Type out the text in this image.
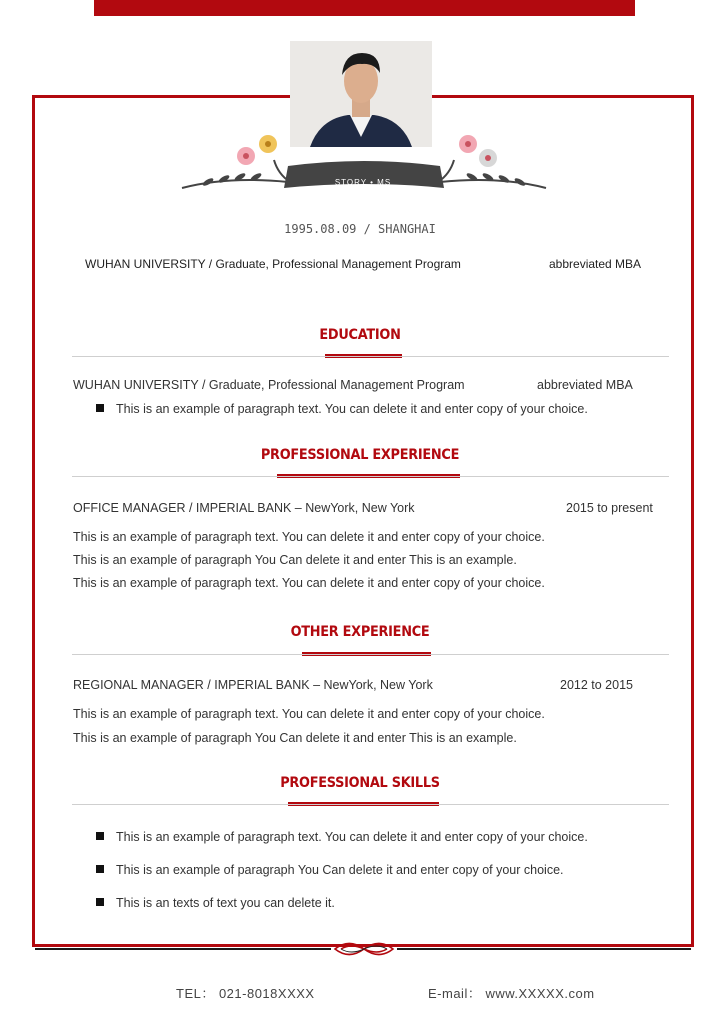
STORY • MS
1995.08.09 / SHANGHAI
WUHAN UNIVERSITY / Graduate, Professional Management Program	abbreviated MBA
EDUCATION
WUHAN UNIVERSITY / Graduate, Professional Management Program	abbreviated MBA
This is an example of paragraph text. You can delete it and enter copy of your choice.
PROFESSIONAL EXPERIENCE
OFFICE MANAGER / IMPERIAL BANK – NewYork, New York	2015 to present
This is an example of paragraph text. You can delete it and enter copy of your choice.
This is an example of paragraph You Can delete it and enter This is an example.
This is an example of paragraph text. You can delete it and enter copy of your choice.
OTHER EXPERIENCE
REGIONAL MANAGER / IMPERIAL BANK – NewYork, New York	2012 to 2015
This is an example of paragraph text. You can delete it and enter copy of your choice.
This is an example of paragraph You Can delete it and enter This is an example.
PROFESSIONAL SKILLS
This is an example of paragraph text. You can delete it and enter copy of your choice.
This is an example of paragraph You Can delete it and enter copy of your choice.
This is an texts of text you can delete it.
TEL： 021-8018XXXX	E-mail： www.XXXXX.com
